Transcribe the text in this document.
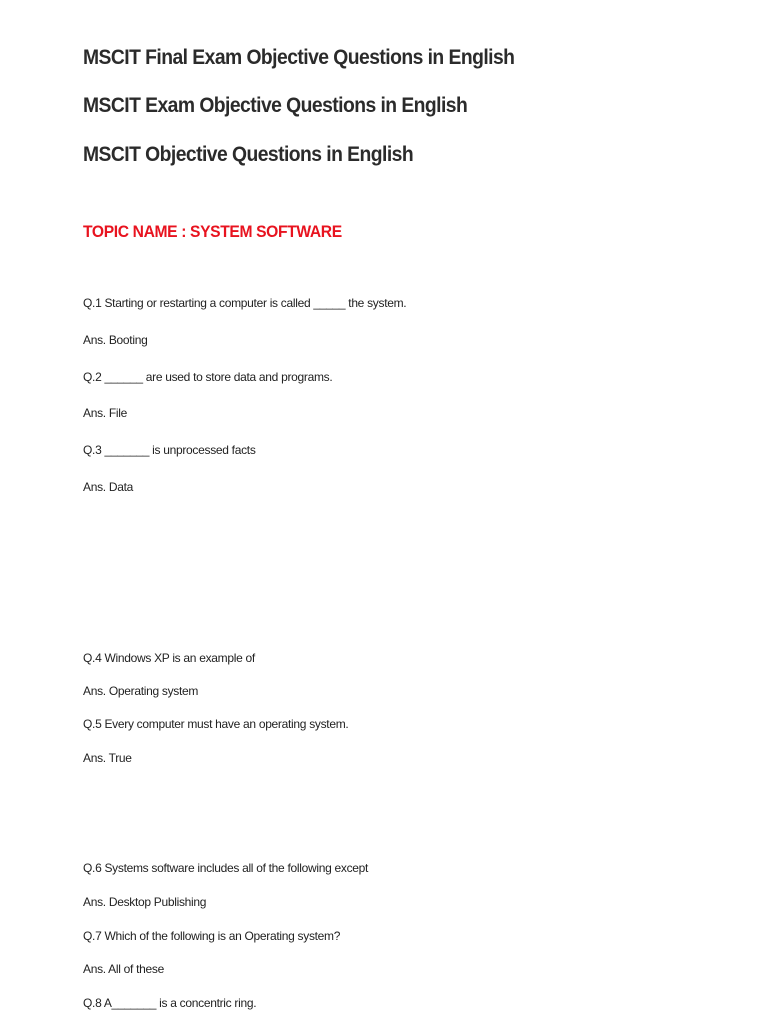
MSCIT Final Exam Objective Questions in English
MSCIT Exam Objective Questions in English
MSCIT Objective Questions in English
TOPIC NAME : SYSTEM SOFTWARE

Q.1 Starting or restarting a computer is called _____ the system.

Ans. Booting

Q.2 ______ are used to store data and programs.

Ans. File

Q.3 _______ is unprocessed facts

Ans. Data

Q.4 Windows XP is an example of

Ans. Operating system

Q.5 Every computer must have an operating system.

Ans. True

Q.6 Systems software includes all of the following except

Ans. Desktop Publishing

Q.7 Which of the following is an Operating system?

Ans. All of these

Q.8 A_______ is a concentric ring.
